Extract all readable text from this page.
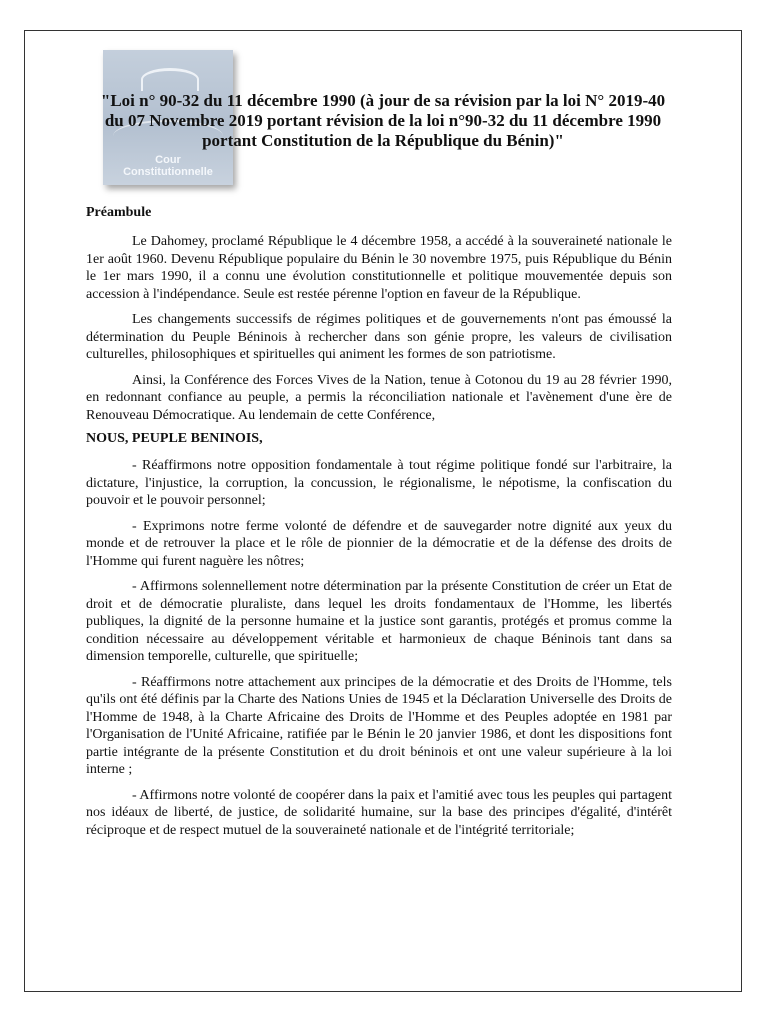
Cour
Constitutionnelle
"Loi n° 90-32 du 11 décembre 1990 (à jour de sa révision par la loi N° 2019-40 du 07 Novembre 2019 portant révision de la loi n°90-32 du 11 décembre 1990 portant Constitution de la République du Bénin)"

Préambule

Le Dahomey, proclamé République le 4 décembre 1958, a accédé à la souveraineté nationale le 1er août 1960. Devenu République populaire du Bénin le 30 novembre 1975, puis République du Bénin le 1er mars 1990, il a connu une évolution constitutionnelle et politique mouvementée depuis son accession à l'indépendance. Seule est restée pérenne l'option en faveur de la République.

Les changements successifs de régimes politiques et de gouvernements n'ont pas émoussé la détermination du Peuple Béninois à rechercher dans son génie propre, les valeurs de civilisation culturelles, philosophiques et spirituelles qui animent les formes de son patriotisme.

Ainsi, la Conférence des Forces Vives de la Nation, tenue à Cotonou du 19 au 28 février 1990, en redonnant confiance au peuple, a permis la réconciliation nationale et l'avènement d'une ère de Renouveau Démocratique. Au lendemain de cette Conférence,

NOUS, PEUPLE BENINOIS,

- Réaffirmons notre opposition fondamentale à tout régime politique fondé sur l'arbitraire, la dictature, l'injustice, la corruption, la concussion, le régionalisme, le népotisme, la confiscation du pouvoir et le pouvoir personnel;

- Exprimons notre ferme volonté de défendre et de sauvegarder notre dignité aux yeux du monde et de retrouver la place et le rôle de pionnier de la démocratie et de la défense des droits de l'Homme qui furent naguère les nôtres;

- Affirmons solennellement notre détermination par la présente Constitution de créer un Etat de droit et de démocratie pluraliste, dans lequel les droits fondamentaux de l'Homme, les libertés publiques, la dignité de la personne humaine et la justice sont garantis, protégés et promus comme la condition nécessaire au développement véritable et harmonieux de chaque Béninois tant dans sa dimension temporelle, culturelle, que spirituelle;

- Réaffirmons notre attachement aux principes de la démocratie et des Droits de l'Homme, tels qu'ils ont été définis par la Charte des Nations Unies de 1945 et la Déclaration Universelle des Droits de l'Homme de 1948, à la Charte Africaine des Droits de l'Homme et des Peuples adoptée en 1981 par l'Organisation de l'Unité Africaine, ratifiée par le Bénin le 20 janvier 1986, et dont les dispositions font partie intégrante de la présente Constitution et du droit béninois et ont une valeur supérieure à la loi interne ;

- Affirmons notre volonté de coopérer dans la paix et l'amitié avec tous les peuples qui partagent nos idéaux de liberté, de justice, de solidarité humaine, sur la base des principes d'égalité, d'intérêt réciproque et de respect mutuel de la souveraineté nationale et de l'intégrité territoriale;
